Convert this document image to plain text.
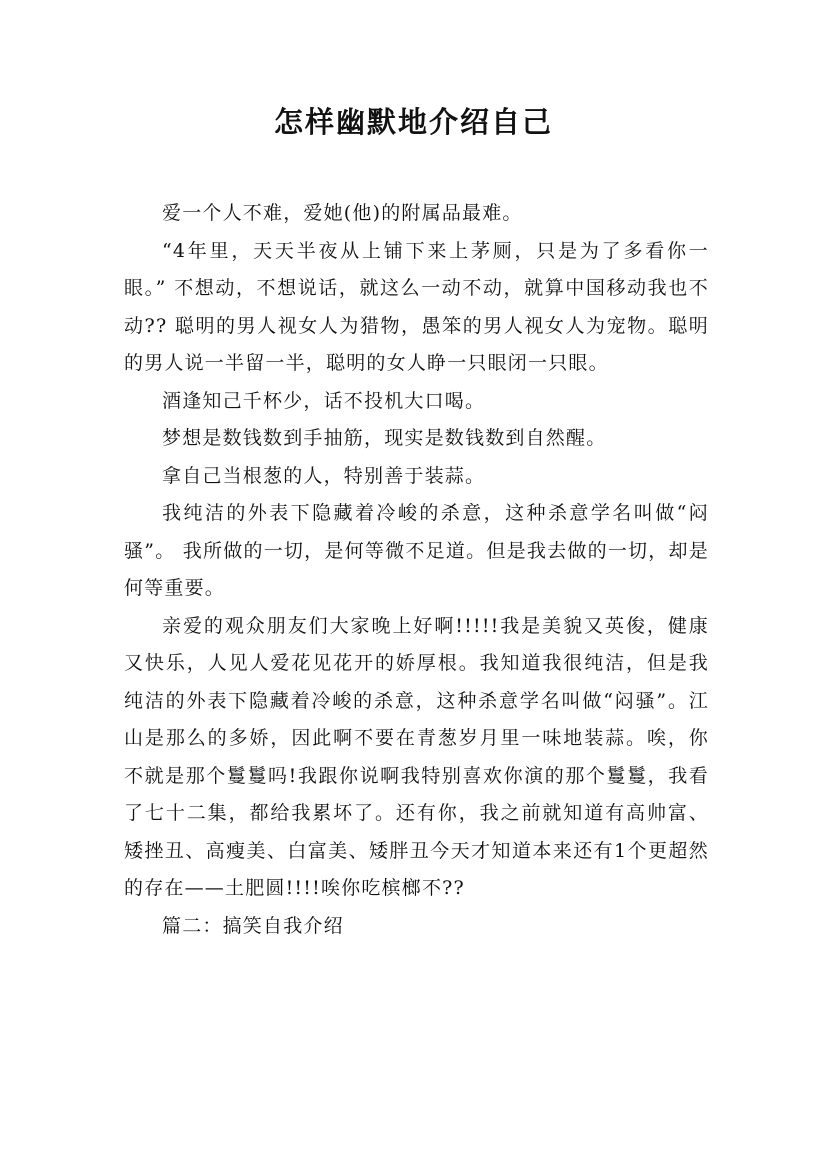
怎样幽默地介绍自己

爱一个人不难，爱她(他)的附属品最难。

“4年里，天天半夜从上铺下来上茅厕，只是为了多看你一眼。” 不想动，不想说话，就这么一动不动，就算中国移动我也不动?? 聪明的男人视女人为猎物，愚笨的男人视女人为宠物。聪明的男人说一半留一半，聪明的女人睁一只眼闭一只眼。

酒逢知己千杯少，话不投机大口喝。

梦想是数钱数到手抽筋，现实是数钱数到自然醒。

拿自己当根葱的人，特别善于装蒜。

我纯洁的外表下隐藏着冷峻的杀意，这种杀意学名叫做“闷骚”。 我所做的一切，是何等微不足道。但是我去做的一切，却是何等重要。

亲爱的观众朋友们大家晚上好啊!!!!!我是美貌又英俊，健康又快乐，人见人爱花见花开的娇厚根。我知道我很纯洁，但是我纯洁的外表下隐藏着冷峻的杀意，这种杀意学名叫做“闷骚”。江山是那么的多娇，因此啊不要在青葱岁月里一味地装蒜。唉，你不就是那个鬘鬘吗!我跟你说啊我特别喜欢你演的那个鬘鬘，我看了七十二集，都给我累坏了。还有你，我之前就知道有高帅富、矮挫丑、高瘦美、白富美、矮胖丑今天才知道本来还有1个更超然的存在——土肥圆!!!!唉你吃槟榔不??

篇二：搞笑自我介绍
